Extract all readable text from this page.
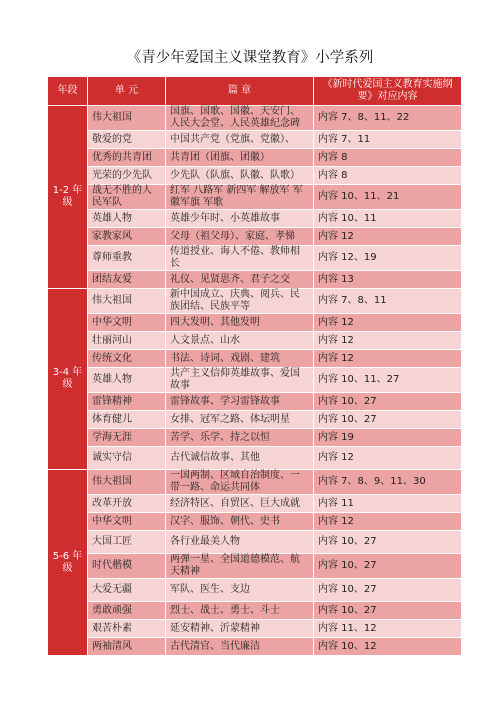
《青少年爱国主义课堂教育》小学系列
年段	单 元	篇 章	《新时代爱国主义教育实施纲要》对应内容
1-2 年级	伟大祖国	国旗、国歌、国徽、天安门、人民大会堂、人民英雄纪念碑	内容 7、8、11、22
	敬爱的党	中国共产党（党旗、党徽）、	内容 7、11
	优秀的共青团	共青团（团旗、团徽）	内容 8
	光荣的少先队	少先队（队旗、队徽、队歌）	内容 8
	战无不胜的人民军队	红军 八路军 新四军 解放军 军徽军旗 军歌	内容 10、11、21
	英雄人物	英雄少年时、小英雄故事	内容 10、11
	家教家风	父母（祖父母）、家庭、孝悌	内容 12
	尊师重教	传道授业、诲人不倦、教师相长	内容 12、19
	团结友爱	礼仪、见贤思齐、君子之交	内容 13
3-4 年级	伟大祖国	新中国成立、庆典、阅兵、民族团结、民族平等	内容 7、8、11
	中华文明	四大发明、其他发明	内容 12
	壮丽河山	人文景点、山水	内容 12
	传统文化	书法、诗词、戏剧、建筑	内容 12
	英雄人物	共产主义信仰英雄故事、爱国故事	内容 10、11、27
	雷锋精神	雷锋故事、学习雷锋故事	内容 10、27
	体育健儿	女排、冠军之路、体坛明星	内容 10、27
	学海无涯	苦学、乐学、持之以恒	内容 19
	诚实守信	古代诚信故事、其他	内容 12
5-6 年级	伟大祖国	一国两制、区域自治制度、一带一路、命运共同体	内容 7、8、9、11、30
	改革开放	经济特区、自贸区、巨大成就	内容 11
	中华文明	汉字、服饰、朝代、史书	内容 12
	大国工匠	各行业最美人物	内容 10、27
	时代楷模	两弹一星、全国道德模范、航天精神	内容 10、27
	大爱无疆	军队、医生、支边	内容 10、27
	勇敢顽强	烈士、战士、勇士、斗士	内容 10、27
	艰苦朴素	延安精神、沂蒙精神	内容 11、12
	两袖清风	古代清官、当代廉洁	内容 10、12
